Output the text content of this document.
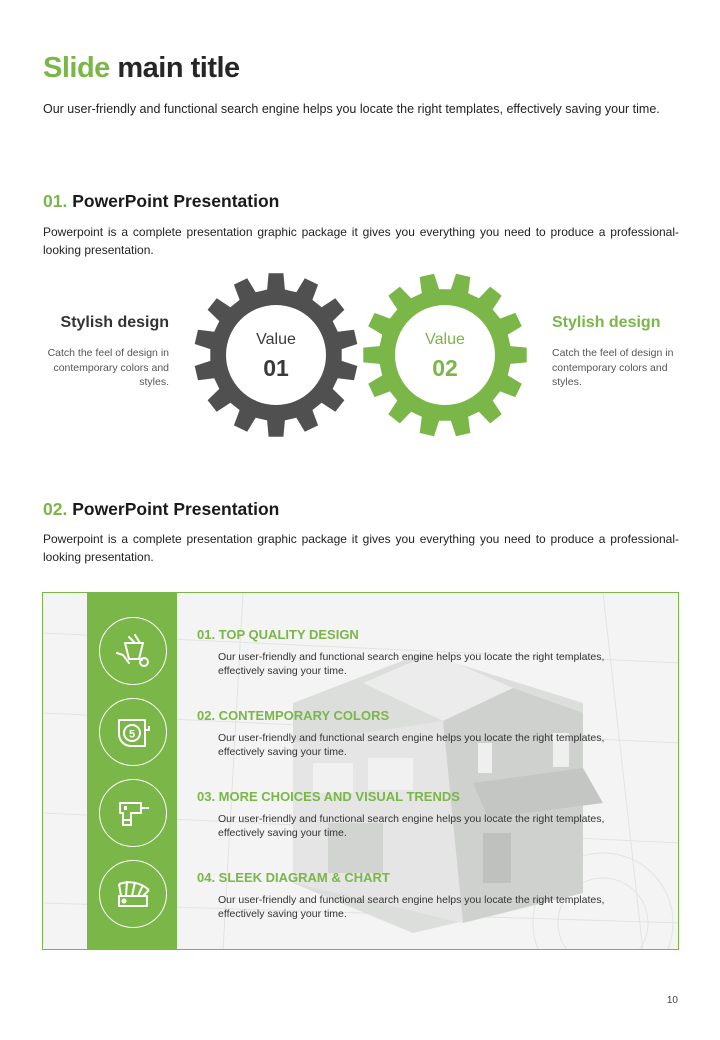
Slide main title
Our user-friendly and functional search engine helps you locate the right templates, effectively saving your time.
01. PowerPoint Presentation
Powerpoint is a complete presentation graphic package it gives you everything you need to produce a professional-looking presentation.
Stylish design
Catch the feel of design in contemporary colors and styles.
Value
01
Value
02
Stylish design
Catch the feel of design in contemporary colors and styles.
02. PowerPoint Presentation
Powerpoint is a complete presentation graphic package it gives you everything you need to produce a professional-looking presentation.
5
01. TOP QUALITY DESIGN
Our user-friendly and functional search engine helps you locate the right templates, effectively saving your time.
02. CONTEMPORARY COLORS
Our user-friendly and functional search engine helps you locate the right templates, effectively saving your time.
03. MORE CHOICES AND VISUAL TRENDS
Our user-friendly and functional search engine helps you locate the right templates, effectively saving your time.
04. SLEEK DIAGRAM & CHART
Our user-friendly and functional search engine helps you locate the right templates, effectively saving your time.
10
